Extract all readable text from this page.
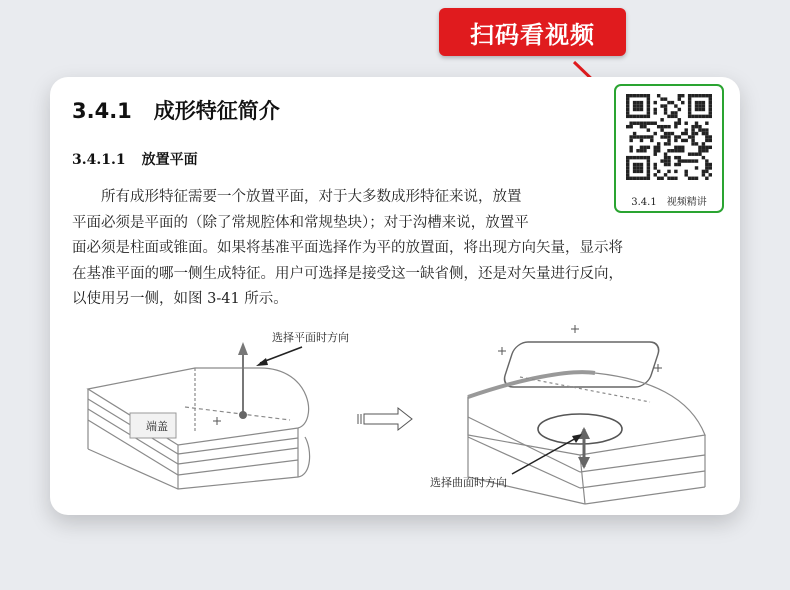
扫码看视频
3.4.1 成形特征简介
3.4.1.1 放置平面
所有成形特征需要一个放置平面，对于大多数成形特征来说，放置
平面必须是平面的（除了常规腔体和常规垫块）；对于沟槽来说，放置平
面必须是柱面或锥面。如果将基准平面选择作为平的放置面，将出现方向矢量，显示将
在基准平面的哪一侧生成特征。用户可选择是接受这一缺省侧，还是对矢量进行反向，
以使用另一侧，如图 3-41 所示。
3.4.1 视频精讲
端盖
选择平面时方向
选择曲面时方向
